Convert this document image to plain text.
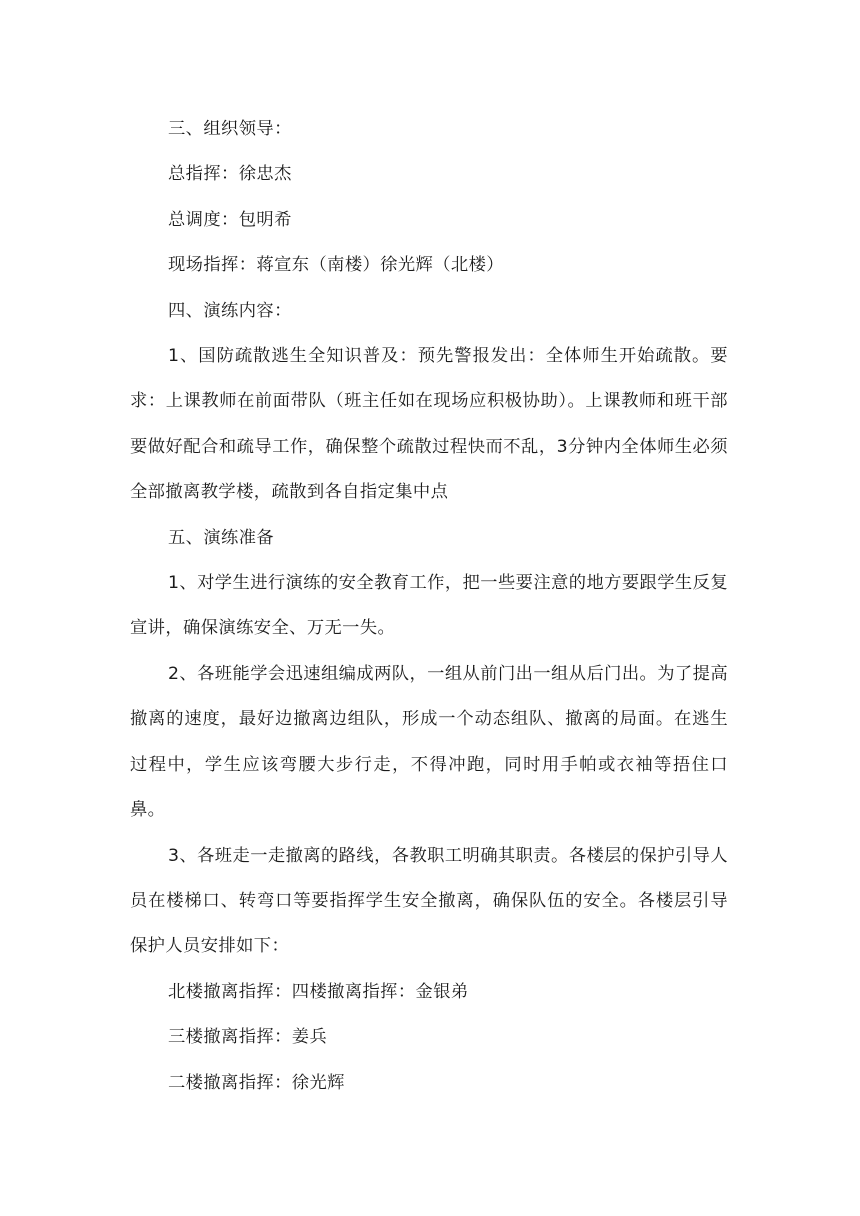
三、组织领导：

总指挥：徐忠杰

总调度：包明希

现场指挥：蒋宣东（南楼）徐光辉（北楼）

四、演练内容：

1、国防疏散逃生全知识普及：预先警报发出：全体师生开始疏散。要求：上课教师在前面带队（班主任如在现场应积极协助）。上课教师和班干部要做好配合和疏导工作，确保整个疏散过程快而不乱，3分钟内全体师生必须全部撤离教学楼，疏散到各自指定集中点

五、演练准备

1、对学生进行演练的安全教育工作，把一些要注意的地方要跟学生反复宣讲，确保演练安全、万无一失。

2、各班能学会迅速组编成两队，一组从前门出一组从后门出。为了提高撤离的速度，最好边撤离边组队，形成一个动态组队、撤离的局面。在逃生过程中，学生应该弯腰大步行走，不得冲跑，同时用手帕或衣袖等捂住口鼻。

3、各班走一走撤离的路线，各教职工明确其职责。各楼层的保护引导人员在楼梯口、转弯口等要指挥学生安全撤离，确保队伍的安全。各楼层引导保护人员安排如下：

北楼撤离指挥：四楼撤离指挥：金银弟

三楼撤离指挥：姜兵

二楼撤离指挥：徐光辉
